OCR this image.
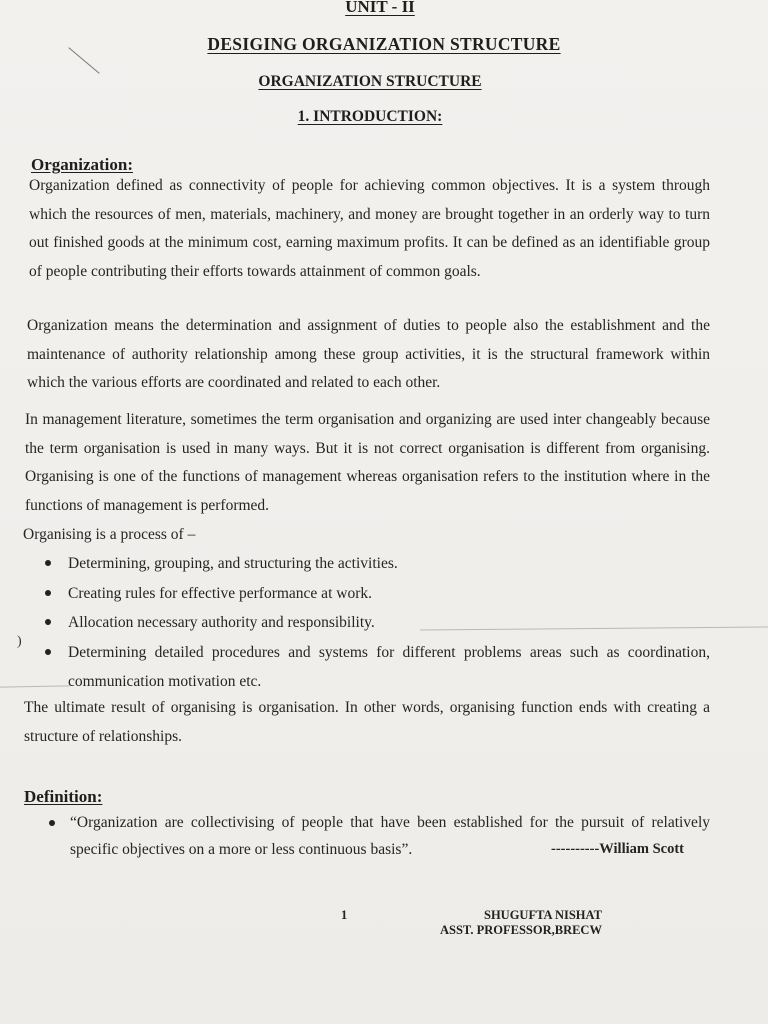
UNIT - II
DESIGING ORGANIZATION STRUCTURE
ORGANIZATION STRUCTURE
1. INTRODUCTION:
Organization:
Organization defined as connectivity of people for achieving common objectives. It is a system through which the resources of men, materials, machinery, and money are brought together in an orderly way to turn out finished goods at the minimum cost, earning maximum profits. It can be defined as an identifiable group of people contributing their efforts towards attainment of common goals.
Organization means the determination and assignment of duties to people also the establishment and the maintenance of authority relationship among these group activities, it is the structural framework within which the various efforts are coordinated and related to each other.
In management literature, sometimes the term organisation and organizing are used inter changeably because the term organisation is used in many ways. But it is not correct organisation is different from organising. Organising is one of the functions of management whereas organisation refers to the institution where in the functions of management is performed.
Organising is a process of –
Determining, grouping, and structuring the activities.
Creating rules for effective performance at work.
Allocation necessary authority and responsibility.
Determining detailed procedures and systems for different problems areas such as coordination, communication motivation etc.
The ultimate result of organising is organisation. In other words, organising function ends with creating a structure of relationships.
Definition:
“Organization are collectivising of people that have been established for the pursuit of relatively specific objectives on a more or less continuous basis”.	----------William Scott
1	SHUGUFTA NISHAT
ASST. PROFESSOR,BRECW
)
